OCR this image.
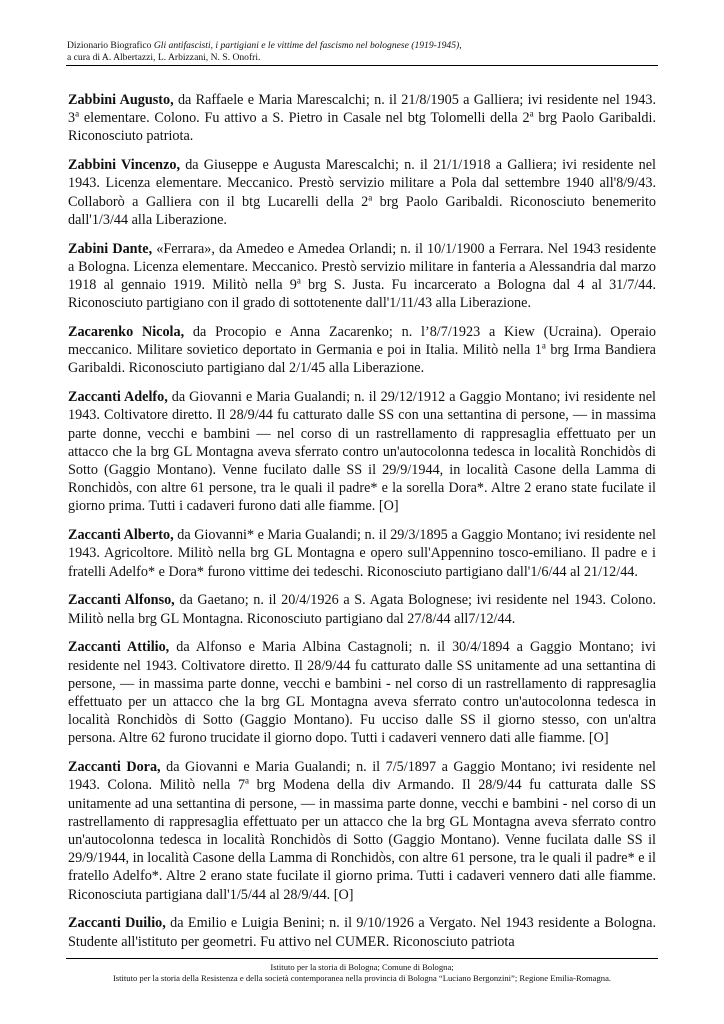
Dizionario Biografico Gli antifascisti, i partigiani e le vittime del fascismo nel bolognese (1919-1945),
a cura di A. Albertazzi, L. Arbizzani, N. S. Onofri.

Zabbini Augusto, da Raffaele e Maria Marescalchi; n. il 21/8/1905 a Galliera; ivi residente nel 1943. 3$^a$ elementare. Colono. Fu attivo a S. Pietro in Casale nel btg Tolomelli della 2$^a$ brg Paolo Garibaldi. Riconosciuto patriota.

Zabbini Vincenzo, da Giuseppe e Augusta Marescalchi; n. il 21/1/1918 a Galliera; ivi residente nel 1943. Licenza elementare. Meccanico. Prestò servizio militare a Pola dal settembre 1940 all'8/9/43. Collaborò a Galliera con il btg Lucarelli della 2$^a$ brg Paolo Garibaldi. Riconosciuto benemerito dall'1/3/44 alla Liberazione.

Zabini Dante, «Ferrara», da Amedeo e Amedea Orlandi; n. il 10/1/1900 a Ferrara. Nel 1943 residente a Bologna. Licenza elementare. Meccanico. Prestò servizio militare in fanteria a Alessandria dal marzo 1918 al gennaio 1919. Militò nella 9$^a$ brg S. Justa. Fu incarcerato a Bologna dal 4 al 31/7/44. Riconosciuto partigiano con il grado di sottotenente dall'1/11/43 alla Liberazione.

Zacarenko Nicola, da Procopio e Anna Zacarenko; n. l’8/7/1923 a Kiew (Ucraina). Operaio meccanico. Militare sovietico deportato in Germania e poi in Italia. Militò nella 1$^a$ brg Irma Bandiera Garibaldi. Riconosciuto partigiano dal 2/1/45 alla Liberazione.

Zaccanti Adelfo, da Giovanni e Maria Gualandi; n. il 29/12/1912 a Gaggio Montano; ivi residente nel 1943. Coltivatore diretto. Il 28/9/44 fu catturato dalle SS con una settantina di persone, — in massima parte donne, vecchi e bambini — nel corso di un rastrellamento di rappresaglia effettuato per un attacco che la brg GL Montagna aveva sferrato contro un'autocolonna tedesca in località Ronchidòs di Sotto (Gaggio Montano). Venne fucilato dalle SS il 29/9/1944, in località Casone della Lamma di Ronchidòs, con altre 61 persone, tra le quali il padre* e la sorella Dora*. Altre 2 erano state fucilate il giorno prima. Tutti i cadaveri furono dati alle fiamme. [O]

Zaccanti Alberto, da Giovanni* e Maria Gualandi; n. il 29/3/1895 a Gaggio Montano; ivi residente nel 1943. Agricoltore. Militò nella brg GL Montagna e opero sull'Appennino tosco-emiliano. Il padre e i fratelli Adelfo* e Dora* furono vittime dei tedeschi. Riconosciuto partigiano dall'1/6/44 al 21/12/44.

Zaccanti Alfonso, da Gaetano; n. il 20/4/1926 a S. Agata Bolognese; ivi residente nel 1943. Colono. Militò nella brg GL Montagna. Riconosciuto partigiano dal 27/8/44 all7/12/44.

Zaccanti Attilio, da Alfonso e Maria Albina Castagnoli; n. il 30/4/1894 a Gaggio Montano; ivi residente nel 1943. Coltivatore diretto. Il 28/9/44 fu catturato dalle SS unitamente ad una settantina di persone, — in massima parte donne, vecchi e bambini - nel corso di un rastrellamento di rappresaglia effettuato per un attacco che la brg GL Montagna aveva sferrato contro un'autocolonna tedesca in località Ronchidòs di Sotto (Gaggio Montano). Fu ucciso dalle SS il giorno stesso, con un'altra persona. Altre 62 furono trucidate il giorno dopo. Tutti i cadaveri vennero dati alle fiamme. [O]

Zaccanti Dora, da Giovanni e Maria Gualandi; n. il 7/5/1897 a Gaggio Montano; ivi residente nel 1943. Colona. Militò nella 7$^a$ brg Modena della div Armando. Il 28/9/44 fu catturata dalle SS unitamente ad una settantina di persone, — in massima parte donne, vecchi e bambini - nel corso di un rastrellamento di rappresaglia effettuato per un attacco che la brg GL Montagna aveva sferrato contro un'autocolonna tedesca in località Ronchidòs di Sotto (Gaggio Montano). Venne fucilata dalle SS il 29/9/1944, in località Casone della Lamma di Ronchidòs, con altre 61 persone, tra le quali il padre* e il fratello Adelfo*. Altre 2 erano state fucilate il giorno prima. Tutti i cadaveri vennero dati alle fiamme. Riconosciuta partigiana dall'1/5/44 al 28/9/44. [O]

Zaccanti Duilio, da Emilio e Luigia Benini; n. il 9/10/1926 a Vergato. Nel 1943 residente a Bologna. Studente all'istituto per geometri. Fu attivo nel CUMER. Riconosciuto patriota

Istituto per la storia di Bologna; Comune di Bologna;
Istituto per la storia della Resistenza e della società contemporanea nella provincia di Bologna “Luciano Bergonzini”; Regione Emilia-Romagna.
